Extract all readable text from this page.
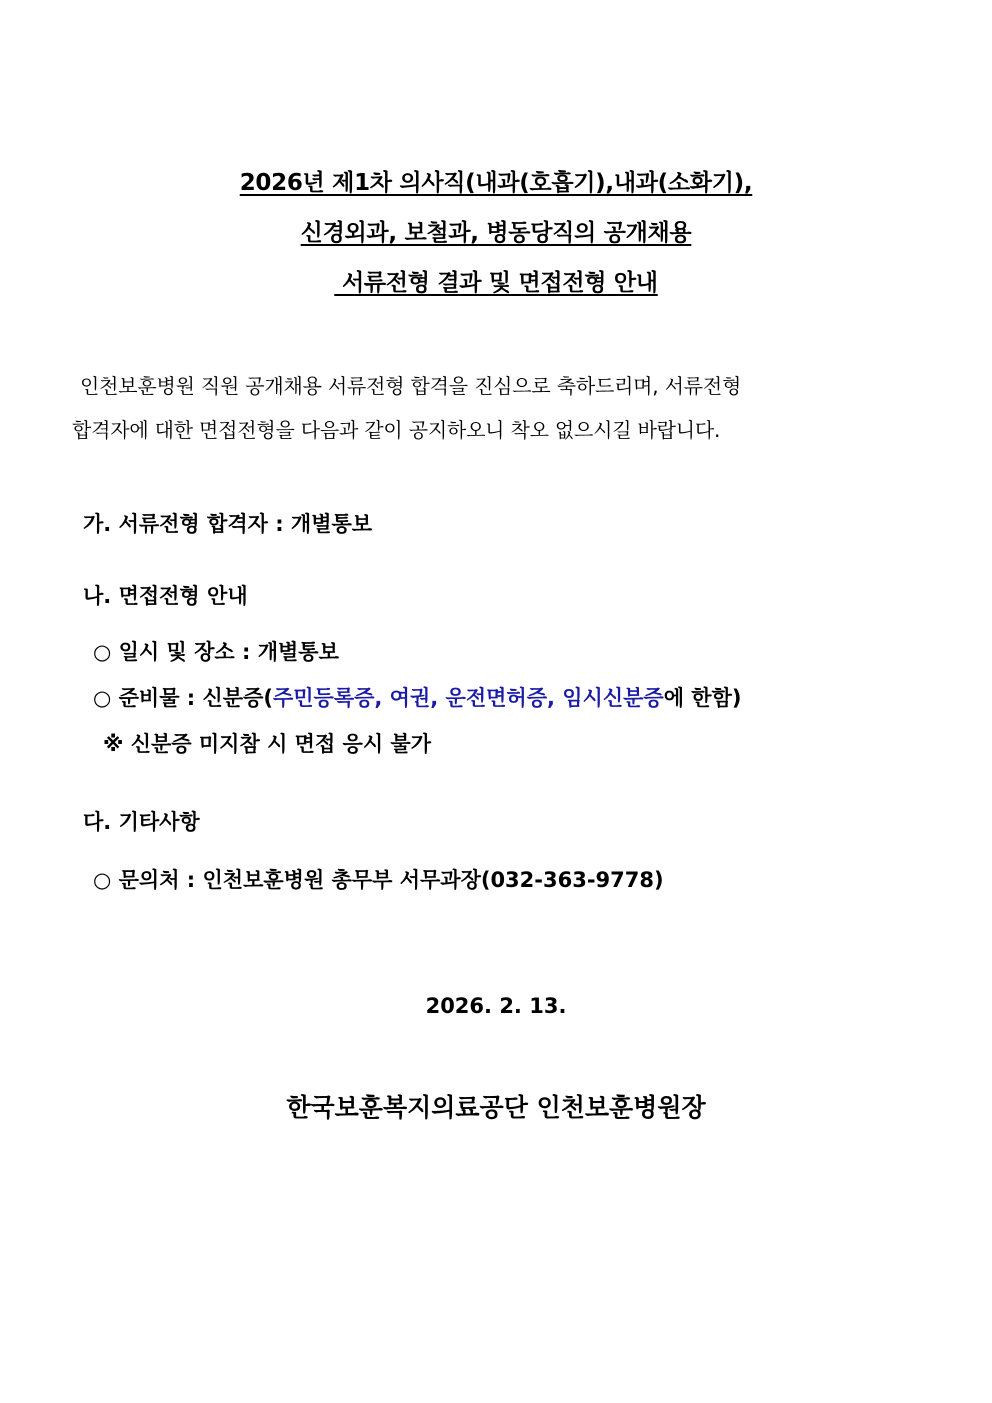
2026년 제1차 의사직(내과(호흡기),내과(소화기),
신경외과, 보철과, 병동당직의 공개채용
서류전형 결과 및 면접전형 안내
인천보훈병원 직원 공개채용 서류전형 합격을 진심으로 축하드리며, 서류전형
합격자에 대한 면접전형을 다음과 같이 공지하오니 착오 없으시길 바랍니다.
가. 서류전형 합격자 : 개별통보
나. 면접전형 안내
○ 일시 및 장소 : 개별통보
○ 준비물 : 신분증(주민등록증, 여권, 운전면허증, 임시신분증에 한함)
※ 신분증 미지참 시 면접 응시 불가
다. 기타사항
○ 문의처 : 인천보훈병원 총무부 서무과장(032-363-9778)
2026. 2. 13.
한국보훈복지의료공단 인천보훈병원장
